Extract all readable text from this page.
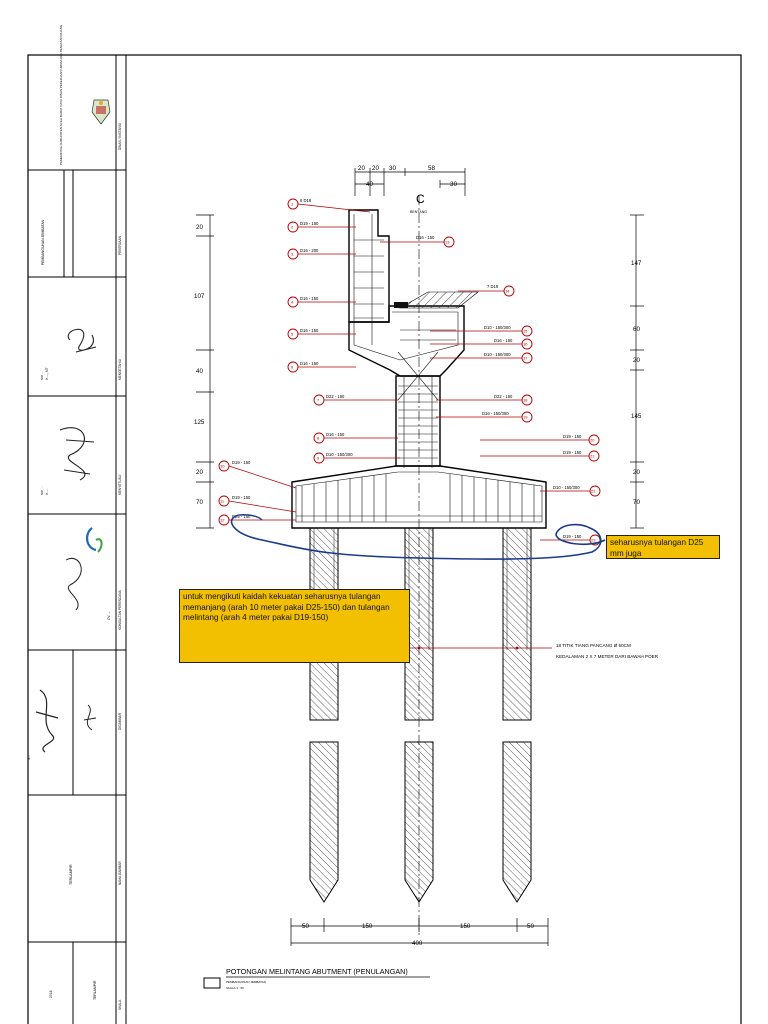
DINAS / INSTANSI
PEKERJAAN
MENGETAHUI
MENYETUJUI
KONSULTAN PERENCANA
DIGAMBAR
NAMA GAMBAR
SKALA
PEMERINTAH KABUPATEN ACEH BARAT DAYA DINAS PEKERJAAN UMUM DAN PENATAAN RUANG
PEMBANGUNAN JEMBATAN
Ir. ..., MT
NIP. ...
Ir. ...
NIP. ...
CV. ...
S.T
TERLAMPIR
TERLAMPIR
2018
C
BENTANG
20 20 30	58
40	30
20
107
40
125
20
70
147
60
20
145
20
70
50	150	150	50
400
1
6 D16
2
D19 - 150
3
D16 - 200
4
D16 - 150
5
D16 - 150
6
D16 - 150
7
D22 - 150
8
D16 - 150
9
D10 - 150/300
10
D19 - 150
11
D19 - 150
12
D25 - 150
13
D16 - 150
14
7 D19
15
D10 - 150/300
16
D16 - 150
17
D10 - 150/300
18
D22 - 150
19
D16 - 150/300
20
D19 - 150
21
D19 - 150
22
D10 - 150/300
23
D19 - 150
18 TITIK TIANG PANCANG Ø 50CM
KEDALAMAN 2 X 7 METER DARI BAWAH POER
POTONGAN MELINTANG ABUTMENT (PENULANGAN)
PEMBANGUNAN JEMBATAN
SKALA 1 : 50
untuk mengikuti kaidah kekuatan seharusnya tulangan memanjang (arah 10 meter pakai D25-150) dan tulangan melintang (arah 4 meter pakai D19-150)
seharusnya tulangan D25 mm juga
